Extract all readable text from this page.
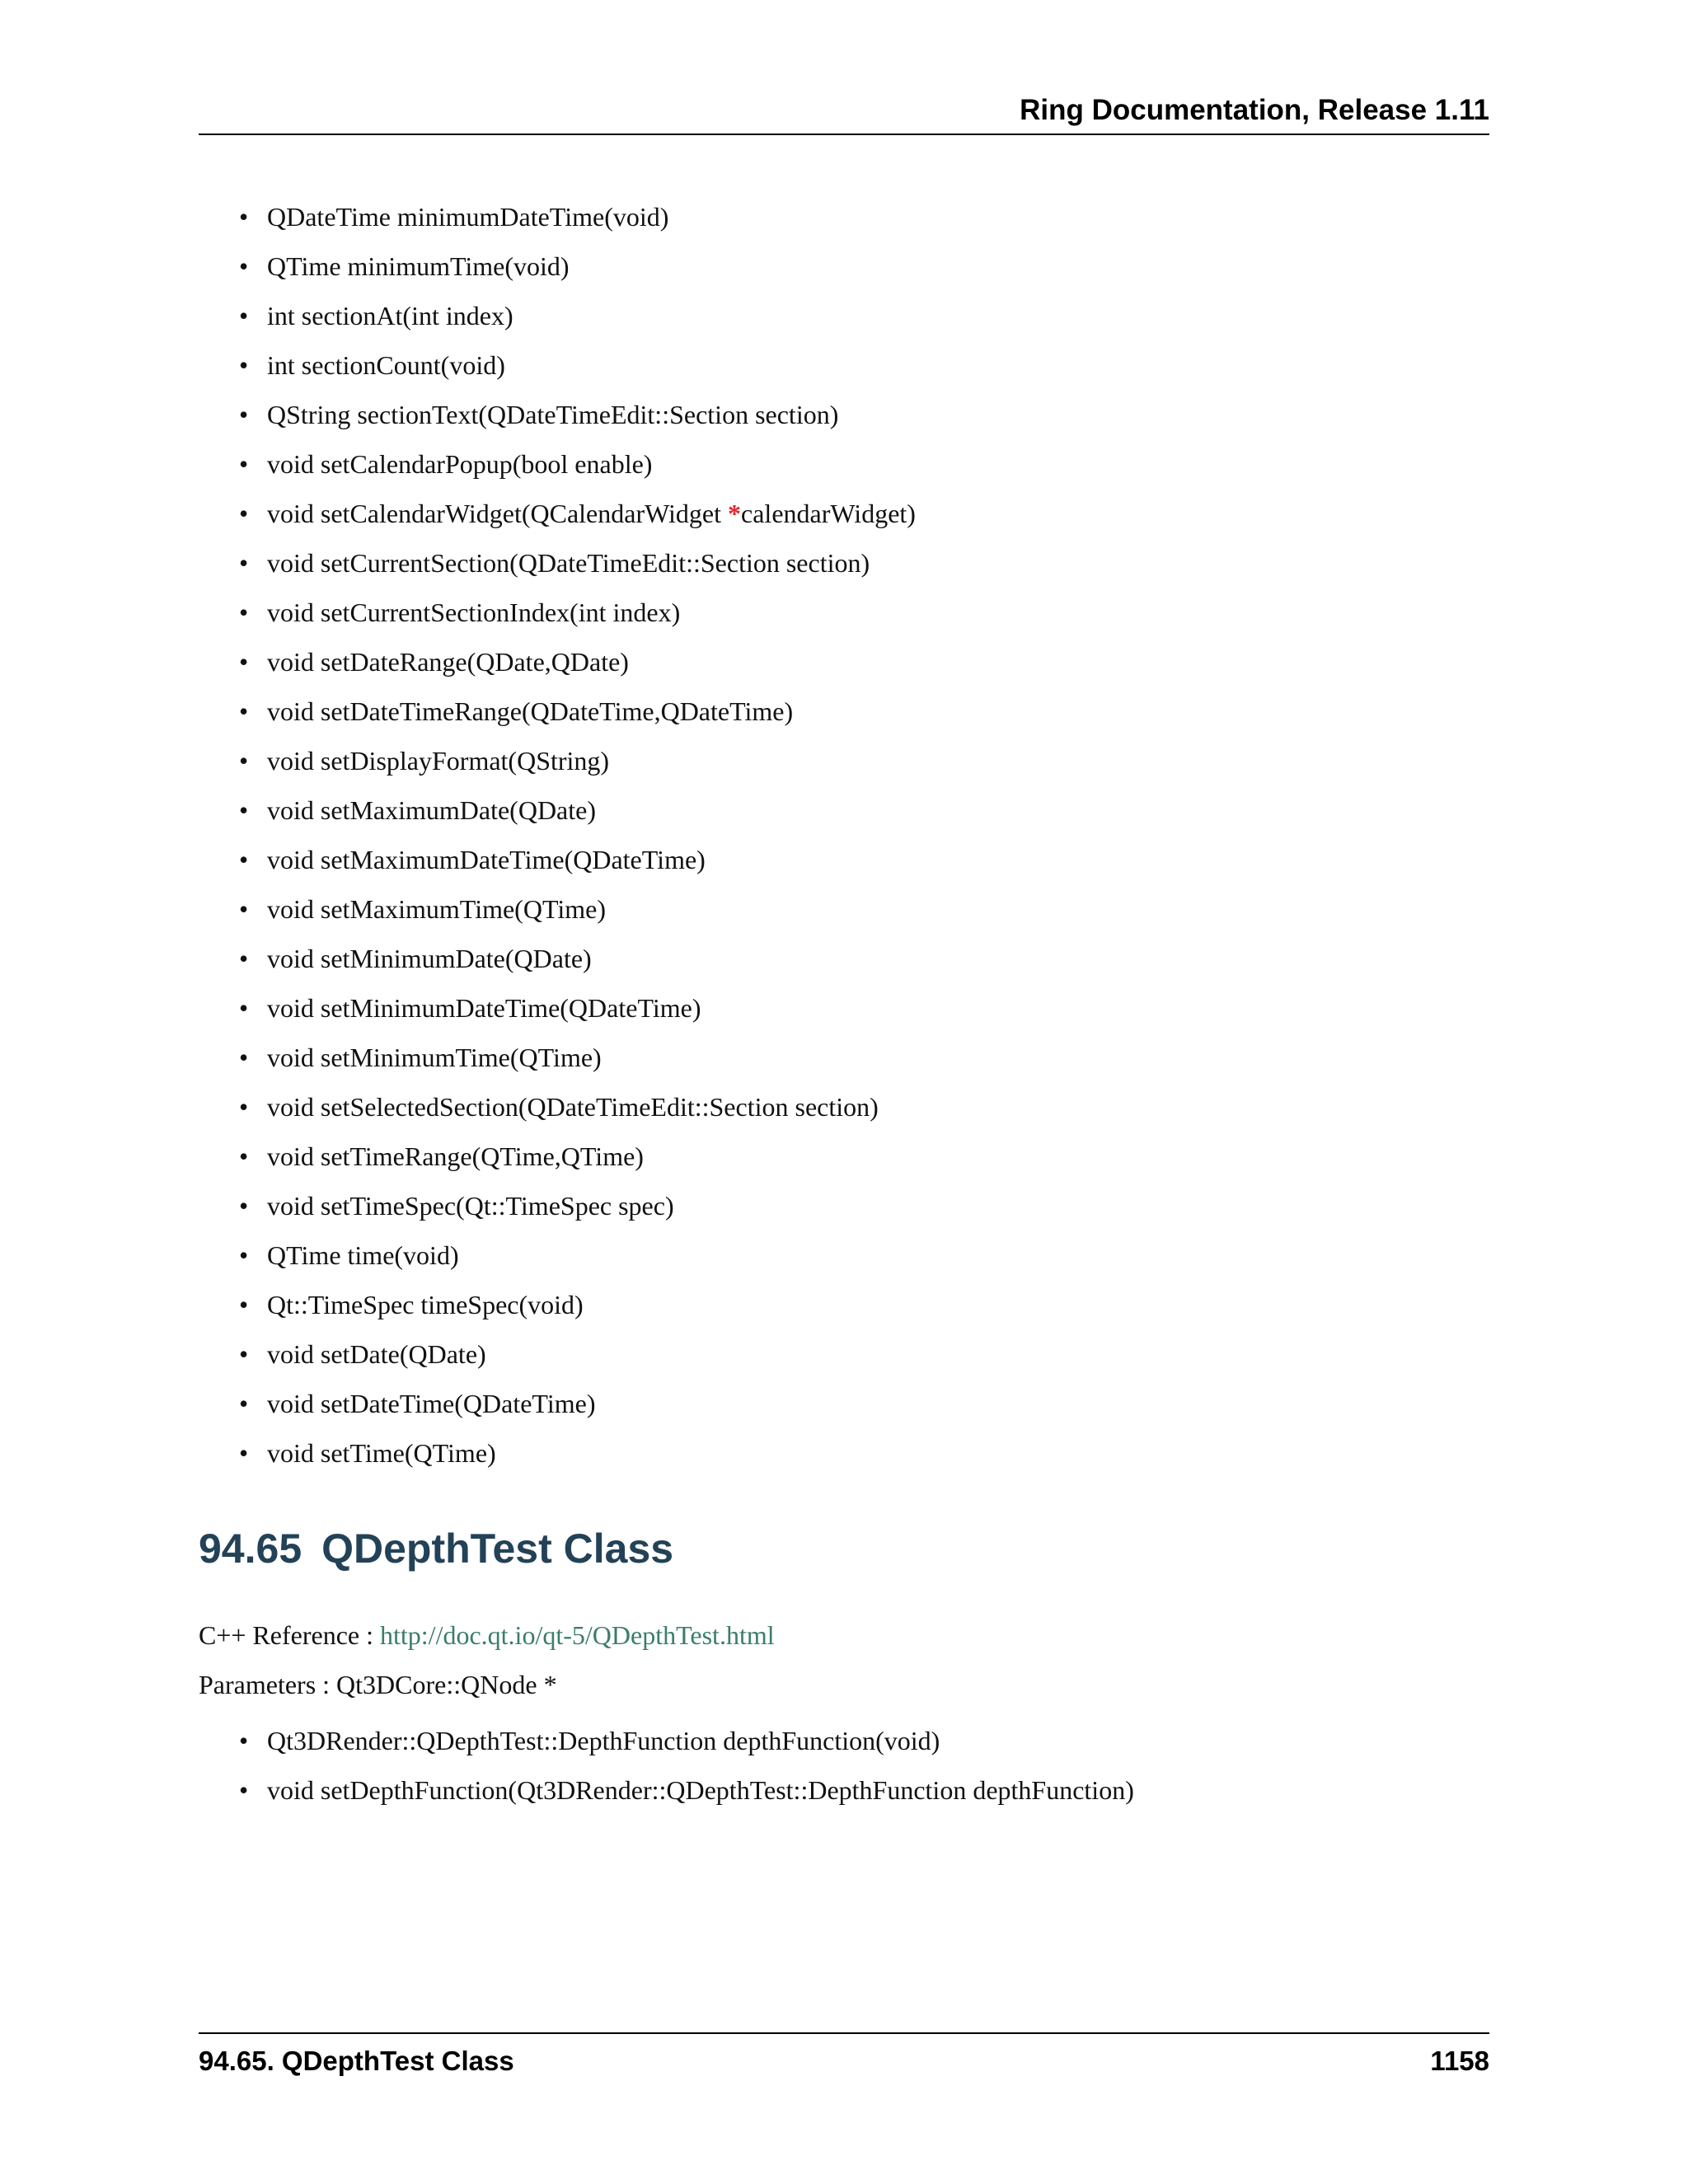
Ring Documentation, Release 1.11
• QDateTime minimumDateTime(void)
• QTime minimumTime(void)
• int sectionAt(int index)
• int sectionCount(void)
• QString sectionText(QDateTimeEdit::Section section)
• void setCalendarPopup(bool enable)
• void setCalendarWidget(QCalendarWidget *calendarWidget)
• void setCurrentSection(QDateTimeEdit::Section section)
• void setCurrentSectionIndex(int index)
• void setDateRange(QDate,QDate)
• void setDateTimeRange(QDateTime,QDateTime)
• void setDisplayFormat(QString)
• void setMaximumDate(QDate)
• void setMaximumDateTime(QDateTime)
• void setMaximumTime(QTime)
• void setMinimumDate(QDate)
• void setMinimumDateTime(QDateTime)
• void setMinimumTime(QTime)
• void setSelectedSection(QDateTimeEdit::Section section)
• void setTimeRange(QTime,QTime)
• void setTimeSpec(Qt::TimeSpec spec)
• QTime time(void)
• Qt::TimeSpec timeSpec(void)
• void setDate(QDate)
• void setDateTime(QDateTime)
• void setTime(QTime)
94.65 QDepthTest Class
C++ Reference : http://doc.qt.io/qt-5/QDepthTest.html
Parameters : Qt3DCore::QNode *
• Qt3DRender::QDepthTest::DepthFunction depthFunction(void)
• void setDepthFunction(Qt3DRender::QDepthTest::DepthFunction depthFunction)
94.65. QDepthTest Class	1158
